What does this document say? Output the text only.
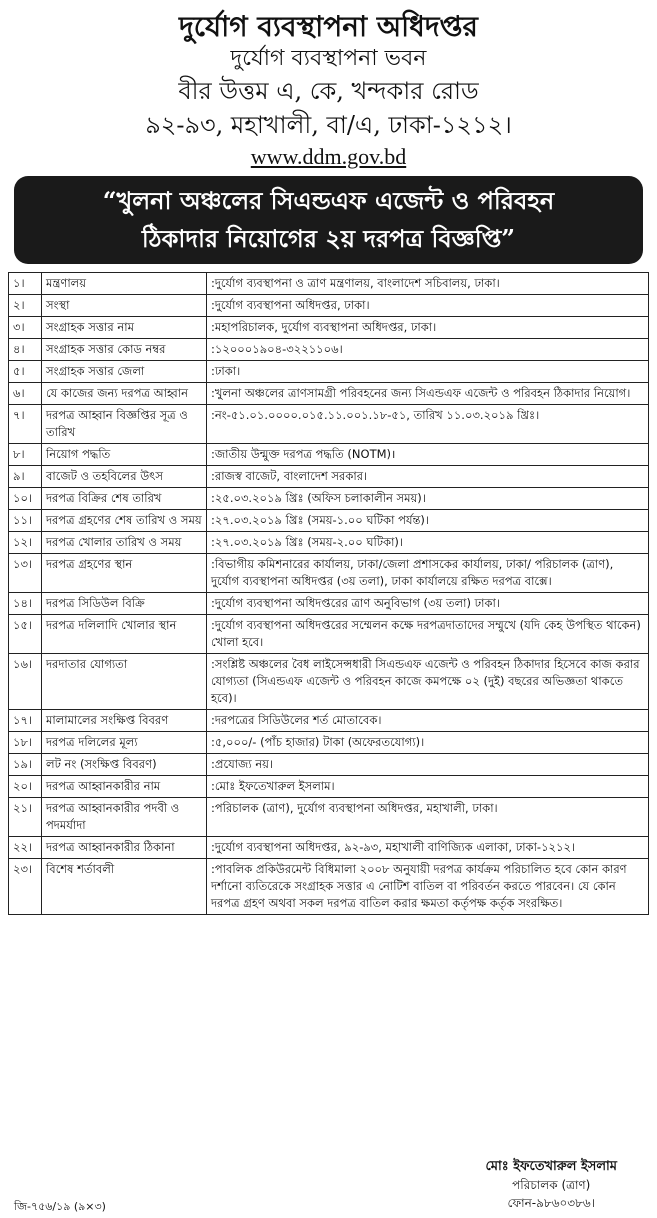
দুর্যোগ ব্যবস্থাপনা অধিদপ্তর
দুর্যোগ ব্যবস্থাপনা ভবন
বীর উত্তম এ, কে, খন্দকার রোড
৯২-৯৩, মহাখালী, বা/এ, ঢাকা-১২১২।
www.ddm.gov.bd
“খুলনা অঞ্চলের সিএন্ডএফ এজেন্ট ও পরিবহন
ঠিকাদার নিয়োগের ২য় দরপত্র বিজ্ঞপ্তি”
১।	মন্ত্রণালয়	:দুর্যোগ ব্যবস্থাপনা ও ত্রাণ মন্ত্রণালয়, বাংলাদেশ সচিবালয়, ঢাকা।
২।	সংস্থা	:দুর্যোগ ব্যবস্থাপনা অধিদপ্তর, ঢাকা।
৩।	সংগ্রাহক সত্তার নাম	:মহাপরিচালক, দুর্যোগ ব্যবস্থাপনা অধিদপ্তর, ঢাকা।
৪।	সংগ্রাহক সত্তার কোড নম্বর	:১২০০০১৯০৪-৩২২১১০৬।
৫।	সংগ্রাহক সত্তার জেলা	:ঢাকা।
৬।	যে কাজের জন্য দরপত্র আহ্বান	:খুলনা অঞ্চলের ত্রাণসামগ্রী পরিবহনের জন্য সিএন্ডএফ এজেন্ট ও পরিবহন ঠিকাদার নিয়োগ।
৭।	দরপত্র আহ্বান বিজ্ঞপ্তির সূত্র ও তারিখ	:নং-৫১.০১.০০০০.০১৫.১১.০০১.১৮-৫১, তারিখ ১১.০৩.২০১৯ খ্রিঃ।
৮।	নিয়োগ পদ্ধতি	:জাতীয় উন্মুক্ত দরপত্র পদ্ধতি (NOTM)।
৯।	বাজেট ও তহবিলের উৎস	:রাজস্ব বাজেট, বাংলাদেশ সরকার।
১০।	দরপত্র বিক্রির শেষ তারিখ	:২৫.০৩.২০১৯ খ্রিঃ (অফিস চলাকালীন সময়)।
১১।	দরপত্র গ্রহণের শেষ তারিখ ও সময়	:২৭.০৩.২০১৯ খ্রিঃ (সময়-১.০০ ঘটিকা পর্যন্ত)।
১২।	দরপত্র খোলার তারিখ ও সময়	:২৭.০৩.২০১৯ খ্রিঃ (সময়-২.০০ ঘটিকা)।
১৩।	দরপত্র গ্রহণের স্থান	:বিভাগীয় কমিশনারের কার্যালয়, ঢাকা/জেলা প্রশাসকের কার্যালয়, ঢাকা/ পরিচালক (ত্রাণ), দুর্যোগ ব্যবস্থাপনা অধিদপ্তর (৩য় তলা), ঢাকা কার্যালয়ে রক্ষিত দরপত্র বাক্সে।
১৪।	দরপত্র সিডিউল বিক্রি	:দুর্যোগ ব্যবস্থাপনা অধিদপ্তরের ত্রাণ অনুবিভাগ (৩য় তলা) ঢাকা।
১৫।	দরপত্র দলিলাদি খোলার স্থান	:দুর্যোগ ব্যবস্থাপনা অধিদপ্তরের সম্মেলন কক্ষে দরপত্রদাতাদের সম্মুখে (যদি কেহ উপস্থিত থাকেন) খোলা হবে।
১৬।	দরদাতার যোগ্যতা	:সংশ্লিষ্ট অঞ্চলের বৈধ লাইসেন্সধারী সিএন্ডএফ এজেন্ট ও পরিবহন ঠিকাদার হিসেবে কাজ করার যোগ্যতা (সিএন্ডএফ এজেন্ট ও পরিবহন কাজে কমপক্ষে ০২ (দুই) বছরের অভিজ্ঞতা থাকতে হবে)।
১৭।	মালামালের সংক্ষিপ্ত বিবরণ	:দরপত্রের সিডিউলের শর্ত মোতাবেক।
১৮।	দরপত্র দলিলের মূল্য	:৫,০০০/- (পাঁচ হাজার) টাকা (অফেরতযোগ্য)।
১৯।	লট নং (সংক্ষিপ্ত বিবরণ)	:প্রযোজ্য নয়।
২০।	দরপত্র আহ্বানকারীর নাম	:মোঃ ইফতেখারুল ইসলাম।
২১।	দরপত্র আহ্বানকারীর পদবী ও পদমর্যাদা	:পরিচালক (ত্রাণ), দুর্যোগ ব্যবস্থাপনা অধিদপ্তর, মহাখালী, ঢাকা।
২২।	দরপত্র আহ্বানকারীর ঠিকানা	:দুর্যোগ ব্যবস্থাপনা অধিদপ্তর, ৯২-৯৩, মহাখালী বাণিজ্যিক এলাকা, ঢাকা-১২১২।
২৩।	বিশেষ শর্তাবলী	:পাবলিক প্রকিউরমেন্ট বিধিমালা ২০০৮ অনুযায়ী দরপত্র কার্যক্রম পরিচালিত হবে কোন কারণ দর্শানো ব্যতিরেকে সংগ্রাহক সত্তার এ নোটিশ বাতিল বা পরিবর্তন করতে পারবেন। যে কোন দরপত্র গ্রহণ অথবা সকল দরপত্র বাতিল করার ক্ষমতা কর্তৃপক্ষ কর্তৃক সংরক্ষিত।
মোঃ ইফতেখারুল ইসলাম
পরিচালক (ত্রাণ)
ফোন-৯৮৬০৩৮৬।
জি-৭৫৬/১৯ (৯×৩)
